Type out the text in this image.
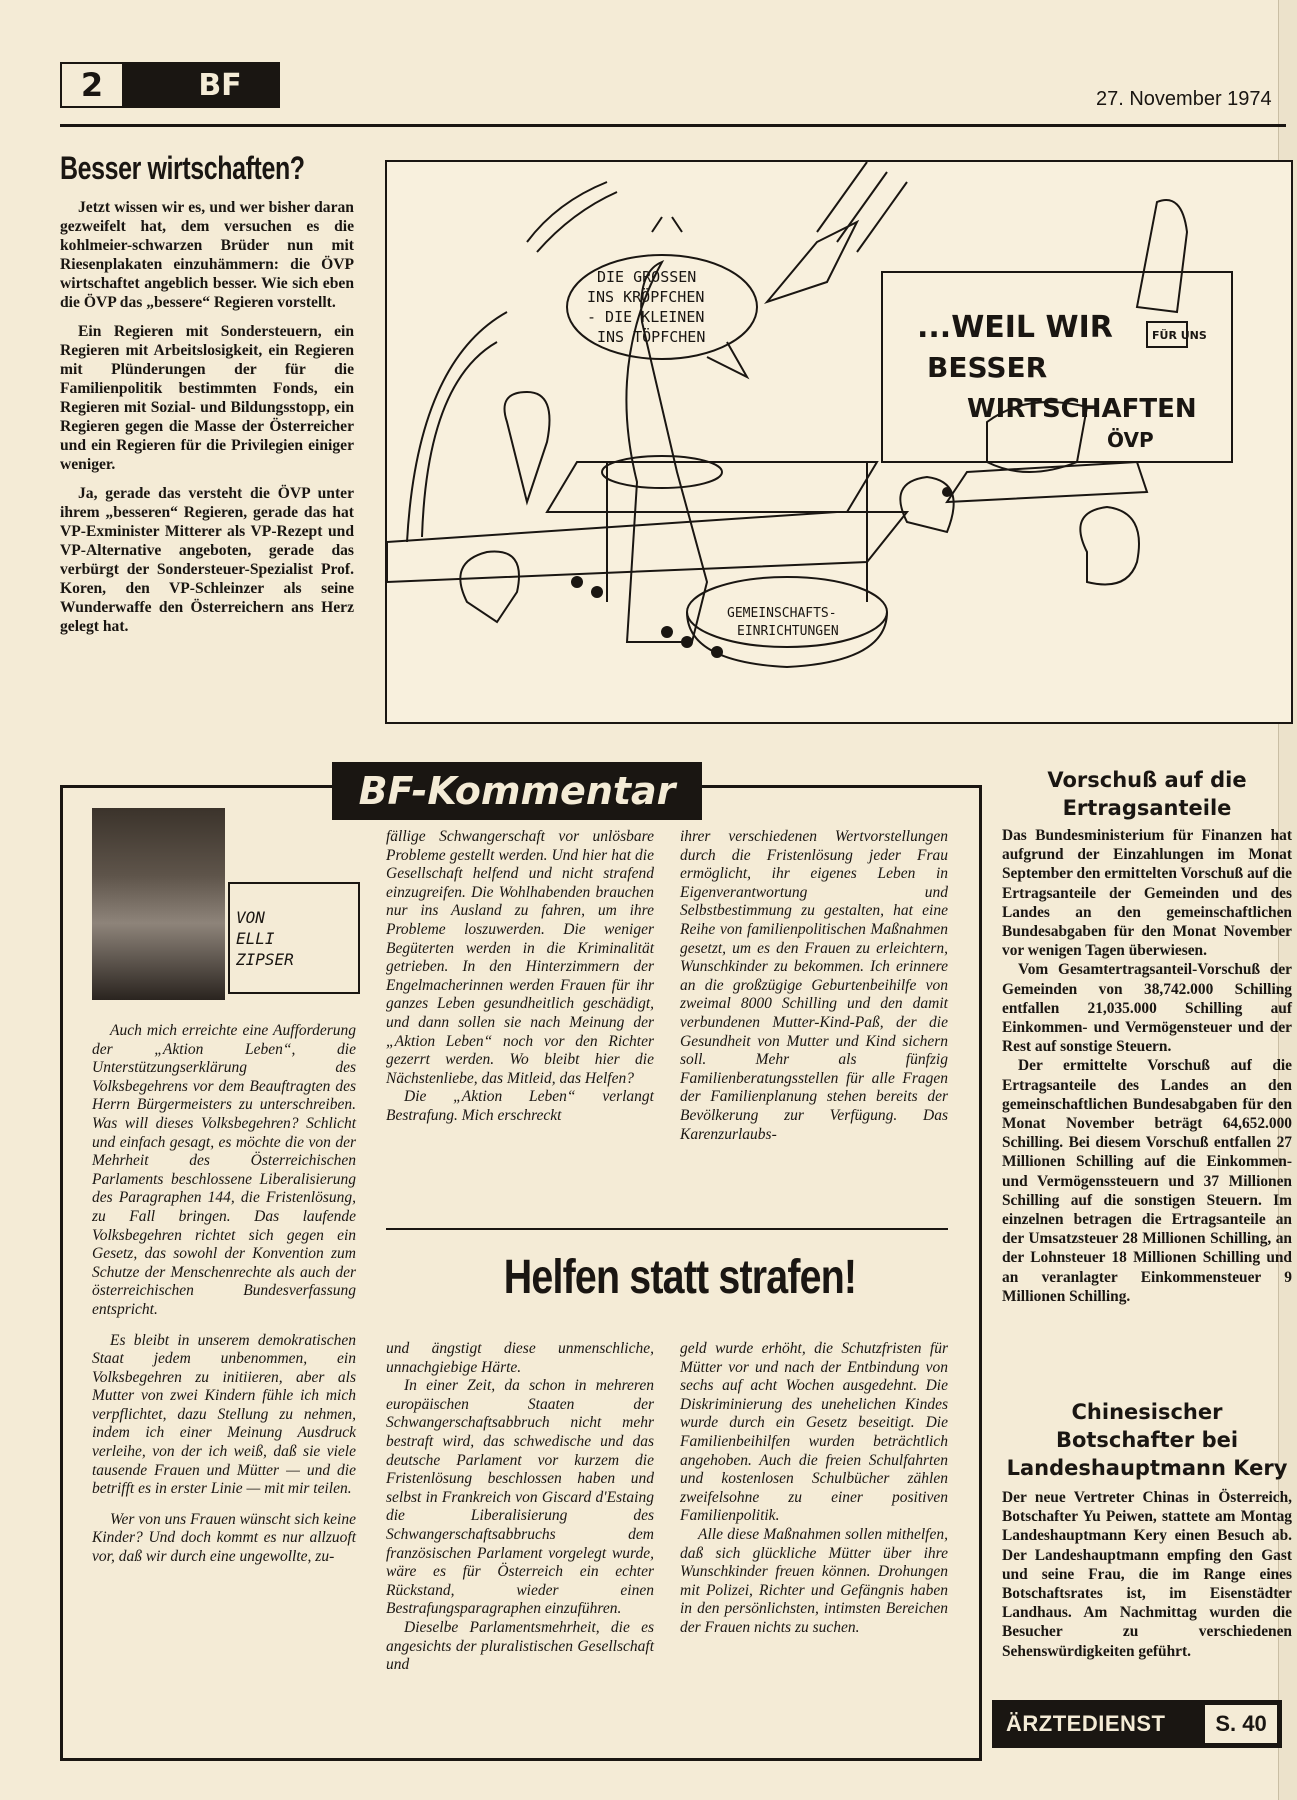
2	BF	27. November 1974
Besser wirtschaften?

Jetzt wissen wir es, und wer bisher daran gezweifelt hat, dem versuchen es die kohlmeier-schwarzen Brüder nun mit Riesenplakaten einzuhämmern: die ÖVP wirtschaftet angeblich besser. Wie sich eben die ÖVP das „bessere“ Regieren vorstellt.

Ein Regieren mit Sondersteuern, ein Regieren mit Arbeitslosigkeit, ein Regieren mit Plünderungen der für die Familienpolitik bestimmten Fonds, ein Regieren mit Sozial- und Bildungsstopp, ein Regieren gegen die Masse der Österreicher und ein Regieren für die Privilegien einiger weniger.

Ja, gerade das versteht die ÖVP unter ihrem „besseren“ Regieren, gerade das hat VP-Exminister Mitterer als VP-Rezept und VP-Alternative angeboten, gerade das verbürgt der Sondersteuer-Spezialist Prof. Koren, den VP-Schleinzer als seine Wunderwaffe den Österreichern ans Herz gelegt hat.

DIE GROSSEN
INS KRÖPFCHEN
- DIE KLEINEN
INS TÖPFCHEN	...WEIL WIR
BESSER
WIRTSCHAFTEN
ÖVP
FÜR UNS
GEMEINSCHAFTS-
EINRICHTUNGEN
BF-Kommentar
VON
ELLI
ZIPSER

Auch mich erreichte eine Aufforderung der „Aktion Leben“, die Unterstützungserklärung des Volksbegehrens vor dem Beauftragten des Herrn Bürgermeisters zu unterschreiben. Was will dieses Volksbegehren? Schlicht und einfach gesagt, es möchte die von der Mehrheit des Österreichischen Parlaments beschlossene Liberalisierung des Paragraphen 144, die Fristenlösung, zu Fall bringen. Das laufende Volksbegehren richtet sich gegen ein Gesetz, das sowohl der Konvention zum Schutze der Menschenrechte als auch der österreichischen Bundesverfassung entspricht.

Es bleibt in unserem demokratischen Staat jedem unbenommen, ein Volksbegehren zu initiieren, aber als Mutter von zwei Kindern fühle ich mich verpflichtet, dazu Stellung zu nehmen, indem ich einer Meinung Ausdruck verleihe, von der ich weiß, daß sie viele tausende Frauen und Mütter — und die betrifft es in erster Linie — mit mir teilen.

Wer von uns Frauen wünscht sich keine Kinder? Und doch kommt es nur allzuoft vor, daß wir durch eine ungewollte, zu-

fällige Schwangerschaft vor unlösbare Probleme gestellt werden. Und hier hat die Gesellschaft helfend und nicht strafend einzugreifen. Die Wohlhabenden brauchen nur ins Ausland zu fahren, um ihre Probleme loszuwerden. Die weniger Begüterten werden in die Kriminalität getrieben. In den Hinterzimmern der Engelmacherinnen werden Frauen für ihr ganzes Leben gesundheitlich geschädigt, und dann sollen sie nach Meinung der „Aktion Leben“ noch vor den Richter gezerrt werden. Wo bleibt hier die Nächstenliebe, das Mitleid, das Helfen?

Die „Aktion Leben“ verlangt Bestrafung. Mich erschreckt

ihrer verschiedenen Wertvorstellungen durch die Fristenlösung jeder Frau ermöglicht, ihr eigenes Leben in Eigenverantwortung und Selbstbestimmung zu gestalten, hat eine Reihe von familienpolitischen Maßnahmen gesetzt, um es den Frauen zu erleichtern, Wunschkinder zu bekommen. Ich erinnere an die großzügige Geburtenbeihilfe von zweimal 8000 Schilling und den damit verbundenen Mutter-Kind-Paß, der die Gesundheit von Mutter und Kind sichern soll. Mehr als fünfzig Familienberatungsstellen für alle Fragen der Familienplanung stehen bereits der Bevölkerung zur Verfügung. Das Karenzurlaubs-

Helfen statt strafen!

und ängstigt diese unmenschliche, unnachgiebige Härte.

In einer Zeit, da schon in mehreren europäischen Staaten der Schwangerschaftsabbruch nicht mehr bestraft wird, das schwedische und das deutsche Parlament vor kurzem die Fristenlösung beschlossen haben und selbst in Frankreich von Giscard d'Estaing die Liberalisierung des Schwangerschaftsabbruchs dem französischen Parlament vorgelegt wurde, wäre es für Österreich ein echter Rückstand, wieder einen Bestrafungsparagraphen einzuführen.

Dieselbe Parlamentsmehrheit, die es angesichts der pluralistischen Gesellschaft und

geld wurde erhöht, die Schutzfristen für Mütter vor und nach der Entbindung von sechs auf acht Wochen ausgedehnt. Die Diskriminierung des unehelichen Kindes wurde durch ein Gesetz beseitigt. Die Familienbeihilfen wurden beträchtlich angehoben. Auch die freien Schulfahrten und kostenlosen Schulbücher zählen zweifelsohne zu einer positiven Familienpolitik.

Alle diese Maßnahmen sollen mithelfen, daß sich glückliche Mütter über ihre Wunschkinder freuen können. Drohungen mit Polizei, Richter und Gefängnis haben in den persönlichsten, intimsten Bereichen der Frauen nichts zu suchen.

Vorschuß auf die Ertragsanteile

Das Bundesministerium für Finanzen hat aufgrund der Einzahlungen im Monat September den ermittelten Vorschuß auf die Ertragsanteile der Gemeinden und des Landes an den gemeinschaftlichen Bundesabgaben für den Monat November vor wenigen Tagen überwiesen.

Vom Gesamtertragsanteil-Vorschuß der Gemeinden von 38,742.000 Schilling entfallen 21,035.000 Schilling auf Einkommen- und Vermögensteuer und der Rest auf sonstige Steuern.

Der ermittelte Vorschuß auf die Ertragsanteile des Landes an den gemeinschaftlichen Bundesabgaben für den Monat November beträgt 64,652.000 Schilling. Bei diesem Vorschuß entfallen 27 Millionen Schilling auf die Einkommen- und Vermögenssteuern und 37 Millionen Schilling auf die sonstigen Steuern. Im einzelnen betragen die Ertragsanteile an der Umsatzsteuer 28 Millionen Schilling, an der Lohnsteuer 18 Millionen Schilling und an veranlagter Einkommensteuer 9 Millionen Schilling.

Chinesischer Botschafter bei Landeshauptmann Kery

Der neue Vertreter Chinas in Österreich, Botschafter Yu Peiwen, stattete am Montag Landeshauptmann Kery einen Besuch ab. Der Landeshauptmann empfing den Gast und seine Frau, die im Range eines Botschaftsrates ist, im Eisenstädter Landhaus. Am Nachmittag wurden die Besucher zu verschiedenen Sehenswürdigkeiten geführt.

ÄRZTEDIENST	S. 40
